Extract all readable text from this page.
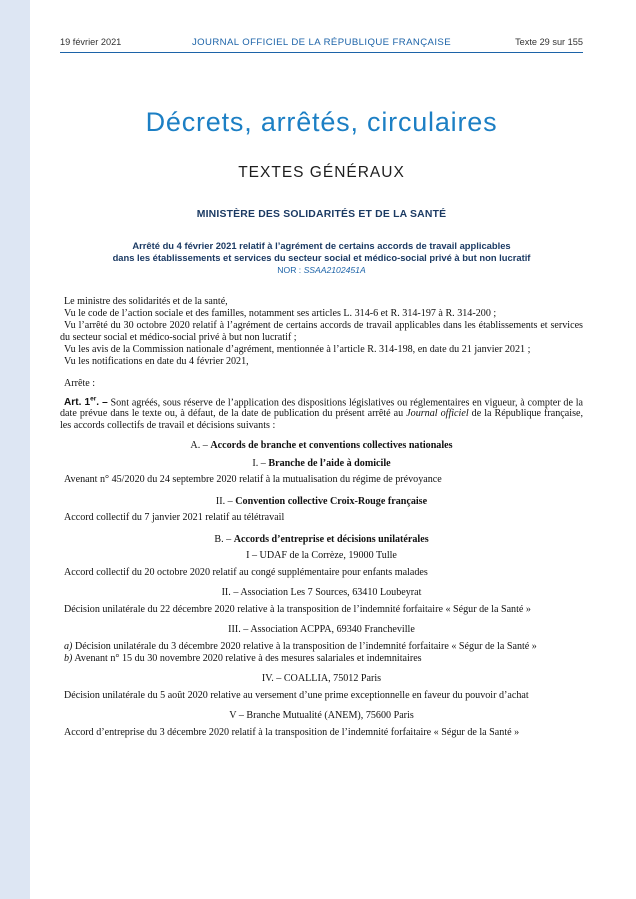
19 février 2021	JOURNAL OFFICIEL DE LA RÉPUBLIQUE FRANÇAISE	Texte 29 sur 155
Décrets, arrêtés, circulaires
TEXTES GÉNÉRAUX
MINISTÈRE DES SOLIDARITÉS ET DE LA SANTÉ
Arrêté du 4 février 2021 relatif à l’agrément de certains accords de travail applicables
dans les établissements et services du secteur social et médico-social privé à but non lucratif
NOR : SSAA2102451A

Le ministre des solidarités et de la santé,

Vu le code de l’action sociale et des familles, notamment ses articles L. 314-6 et R. 314-197 à R. 314-200 ;

Vu l’arrêté du 30 octobre 2020 relatif à l’agrément de certains accords de travail applicables dans les établissements et services du secteur social et médico-social privé à but non lucratif ;

Vu les avis de la Commission nationale d’agrément, mentionnée à l’article R. 314-198, en date du 21 janvier 2021 ;

Vu les notifications en date du 4 février 2021,

Arrête :

Art. 1er. – Sont agréés, sous réserve de l’application des dispositions législatives ou réglementaires en vigueur, à compter de la date prévue dans le texte ou, à défaut, de la date de publication du présent arrêté au Journal officiel de la République française, les accords collectifs de travail et décisions suivants :

A. – Accords de branche et conventions collectives nationales

I. – Branche de l’aide à domicile

Avenant n° 45/2020 du 24 septembre 2020 relatif à la mutualisation du régime de prévoyance

II. – Convention collective Croix-Rouge française

Accord collectif du 7 janvier 2021 relatif au télétravail

B. – Accords d’entreprise et décisions unilatérales

I – UDAF de la Corrèze, 19000 Tulle

Accord collectif du 20 octobre 2020 relatif au congé supplémentaire pour enfants malades

II. – Association Les 7 Sources, 63410 Loubeyrat

Décision unilatérale du 22 décembre 2020 relative à la transposition de l’indemnité forfaitaire « Ségur de la Santé »

III. – Association ACPPA, 69340 Francheville

a) Décision unilatérale du 3 décembre 2020 relative à la transposition de l’indemnité forfaitaire « Ségur de la Santé »

b) Avenant n° 15 du 30 novembre 2020 relative à des mesures salariales et indemnitaires

IV. – COALLIA, 75012 Paris

Décision unilatérale du 5 août 2020 relative au versement d’une prime exceptionnelle en faveur du pouvoir d’achat

V – Branche Mutualité (ANEM), 75600 Paris

Accord d’entreprise du 3 décembre 2020 relatif à la transposition de l’indemnité forfaitaire « Ségur de la Santé »
